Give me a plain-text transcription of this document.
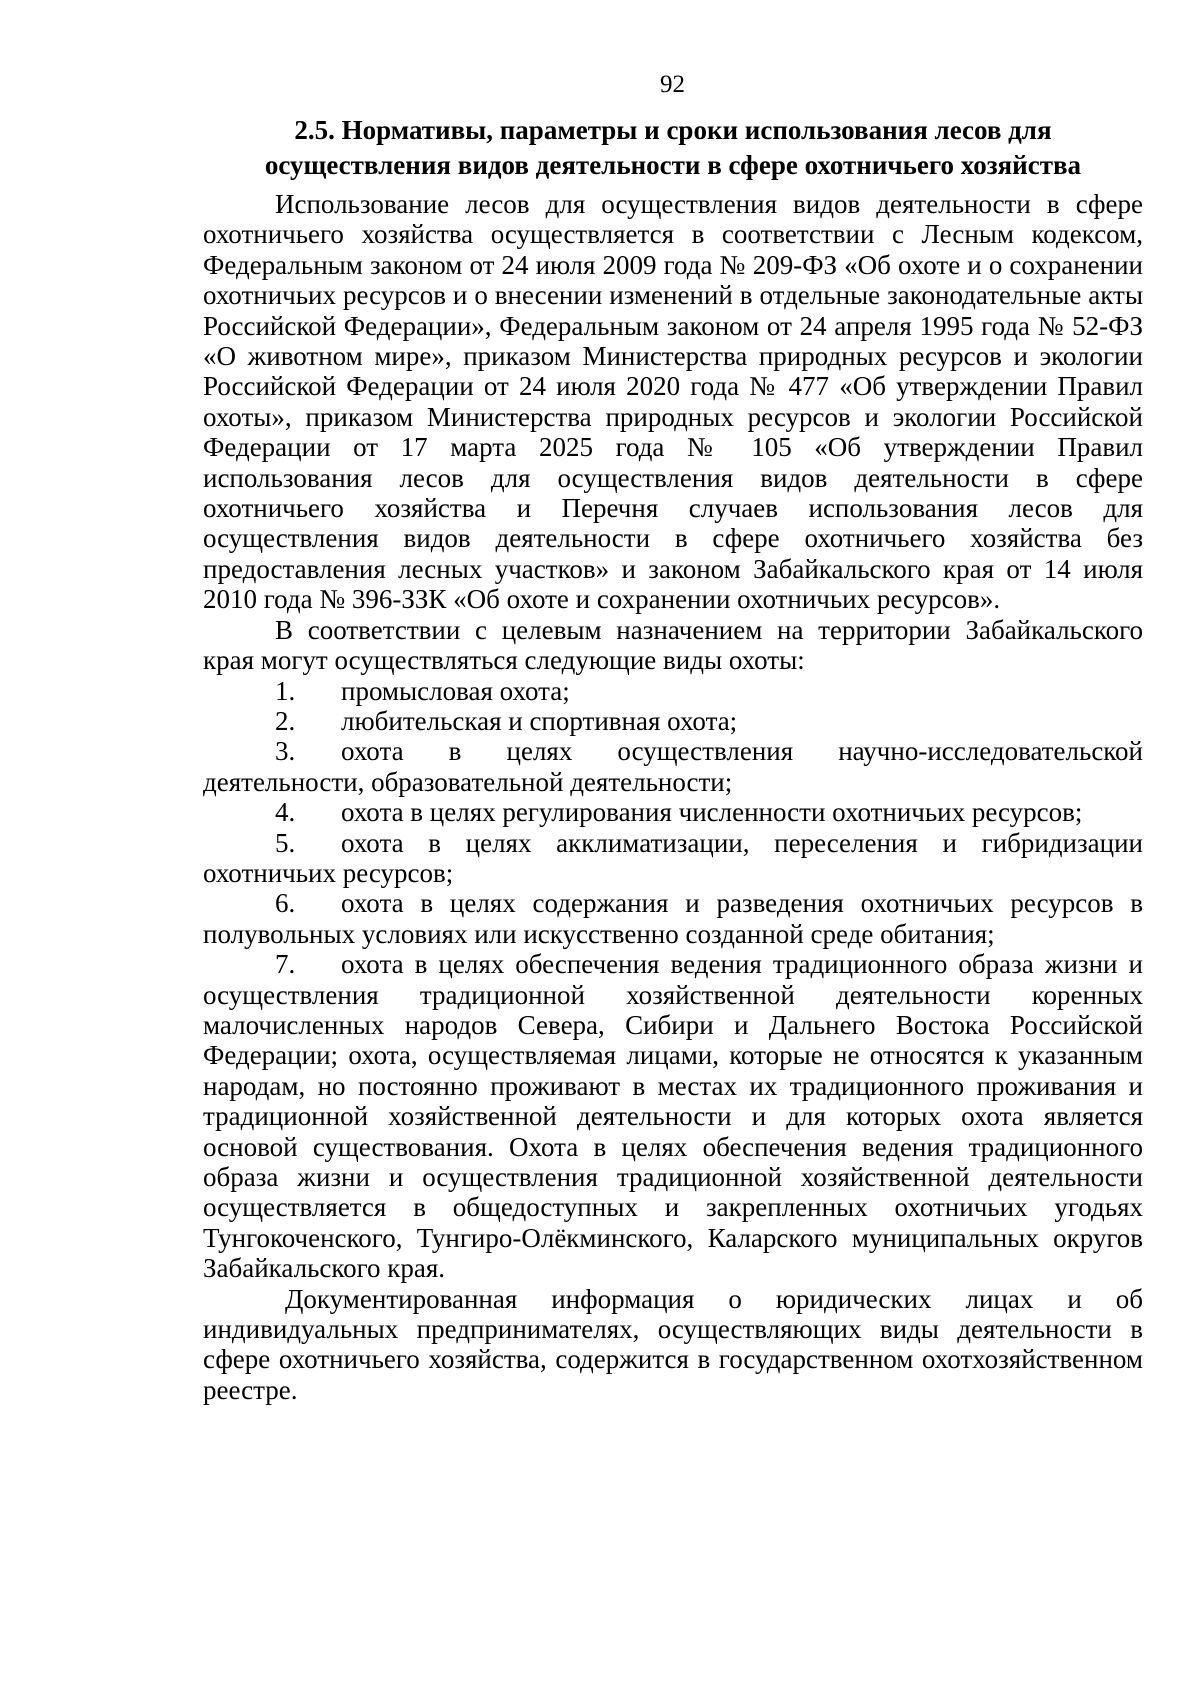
92
2.5. Нормативы, параметры и сроки использования лесов для
осуществления видов деятельности в сфере охотничьего хозяйства

Использование лесов для осуществления видов деятельности в сфере охотничьего хозяйства осуществляется в соответствии с Лесным кодексом, Федеральным законом от 24 июля 2009 года № 209-ФЗ «Об охоте и о сохранении охотничьих ресурсов и о внесении изменений в отдельные законодательные акты Российской Федерации», Федеральным законом от 24 апреля 1995 года № 52-ФЗ «О животном мире», приказом Министерства природных ресурсов и экологии Российской Федерации от 24 июля 2020 года № 477 «Об утверждении Правил охоты», приказом Министерства природных ресурсов и экологии Российской Федерации от 17 марта 2025 года № 105 «Об утверждении Правил использования лесов для осуществления видов деятельности в сфере охотничьего хозяйства и Перечня случаев использования лесов для осуществления видов деятельности в сфере охотничьего хозяйства без предоставления лесных участков» и законом Забайкальского края от 14 июля 2010 года № 396-ЗЗК «Об охоте и сохранении охотничьих ресурсов».

В соответствии с целевым назначением на территории Забайкальского края могут осуществляться следующие виды охоты:

1. промысловая охота;

2. любительская и спортивная охота;

3. охота в целях осуществления научно-исследовательской деятельности, образовательной деятельности;

4. охота в целях регулирования численности охотничьих ресурсов;

5. охота в целях акклиматизации, переселения и гибридизации охотничьих ресурсов;

6. охота в целях содержания и разведения охотничьих ресурсов в полувольных условиях или искусственно созданной среде обитания;

7. охота в целях обеспечения ведения традиционного образа жизни и осуществления традиционной хозяйственной деятельности коренных малочисленных народов Севера, Сибири и Дальнего Востока Российской Федерации; охота, осуществляемая лицами, которые не относятся к указанным народам, но постоянно проживают в местах их традиционного проживания и традиционной хозяйственной деятельности и для которых охота является основой существования. Охота в целях обеспечения ведения традиционного образа жизни и осуществления традиционной хозяйственной деятельности осуществляется в общедоступных и закрепленных охотничьих угодьях Тунгокоченского, Тунгиро-Олёкминского, Каларского муниципальных округов Забайкальского края.

Документированная информация о юридических лицах и об индивидуальных предпринимателях, осуществляющих виды деятельности в сфере охотничьего хозяйства, содержится в государственном охотхозяйственном реестре.
